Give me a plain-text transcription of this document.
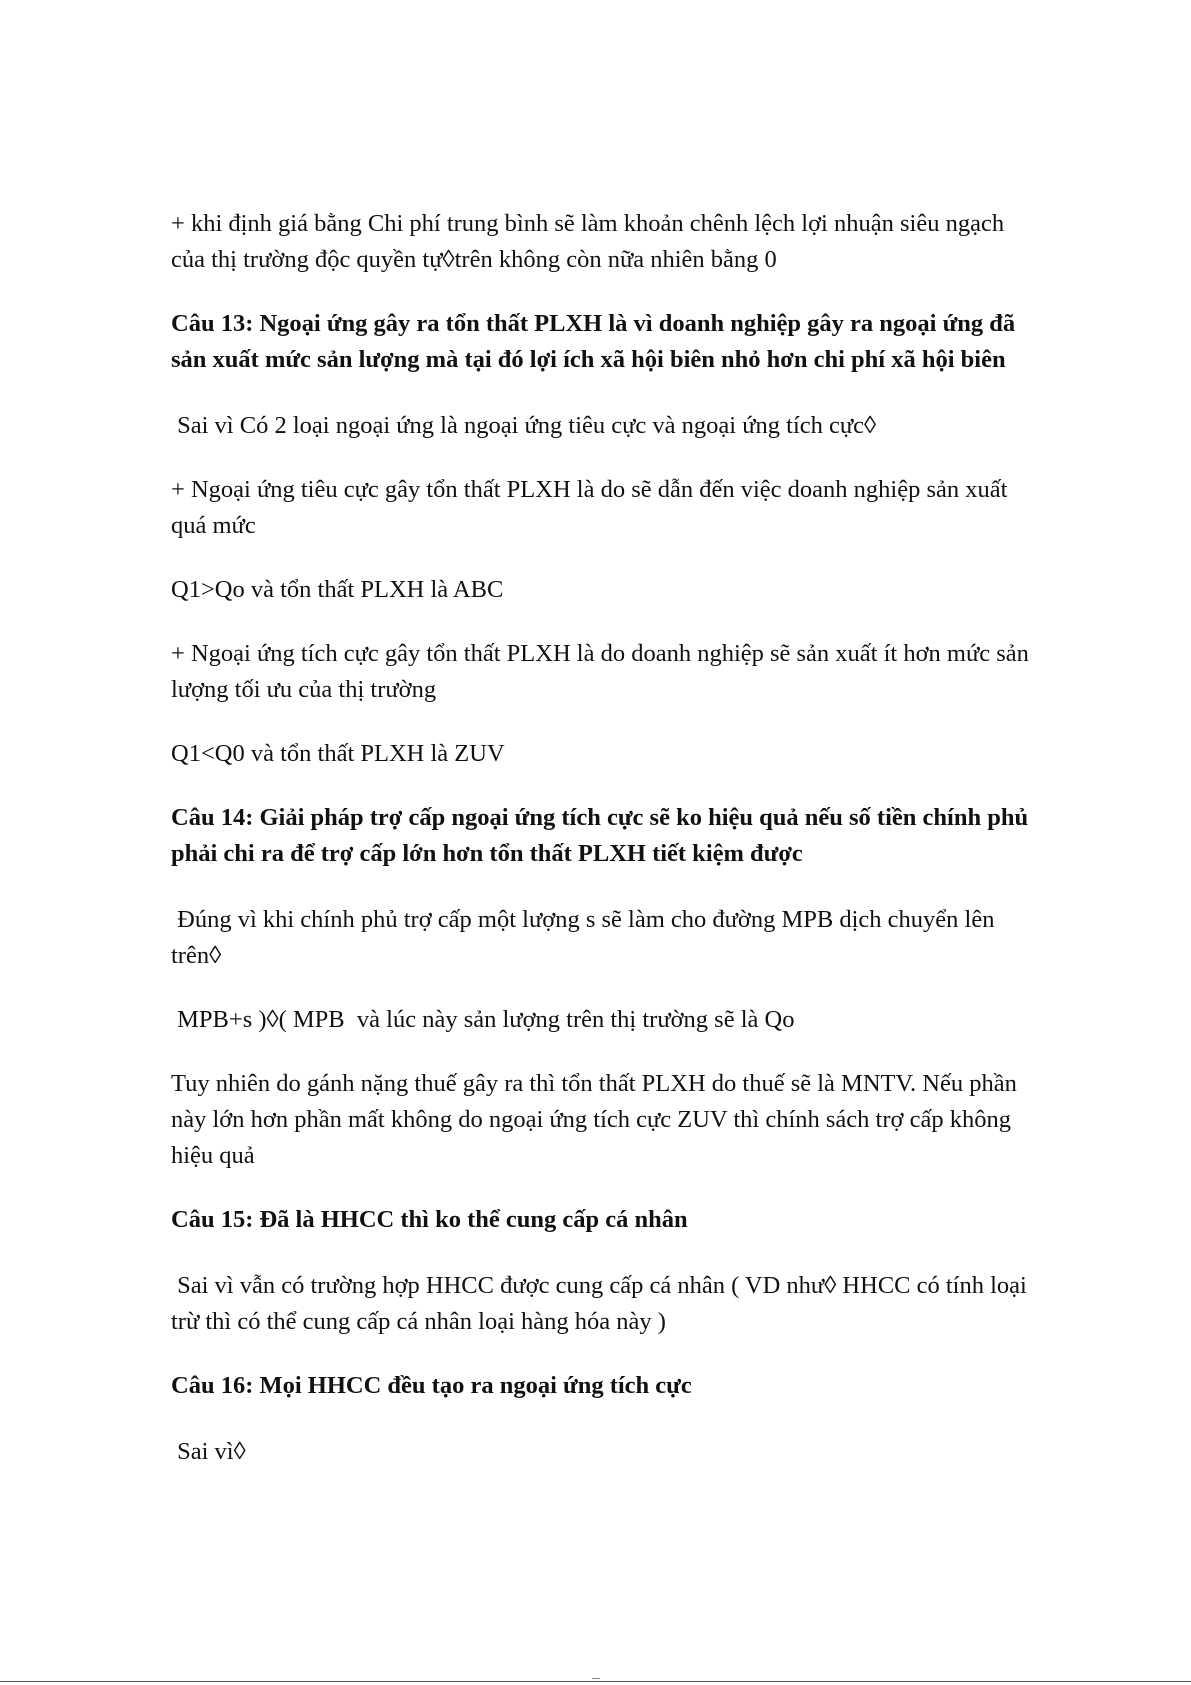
+ khi định giá bằng Chi phí trung bình sẽ làm khoản chênh lệch lợi nhuận siêu ngạch của thị trường độc quyền tự◊trên không còn nữa nhiên bằng 0

Câu 13: Ngoại ứng gây ra tổn thất PLXH là vì doanh nghiệp gây ra ngoại ứng đã sản xuất mức sản lượng mà tại đó lợi ích xã hội biên nhỏ hơn chi phí xã hội biên

Sai vì Có 2 loại ngoại ứng là ngoại ứng tiêu cực và ngoại ứng tích cực◊

+ Ngoại ứng tiêu cực gây tổn thất PLXH là do sẽ dẫn đến việc doanh nghiệp sản xuất quá mức

Q1>Qo và tổn thất PLXH là ABC

+ Ngoại ứng tích cực gây tổn thất PLXH là do doanh nghiệp sẽ sản xuất ít hơn mức sản lượng tối ưu của thị trường

Q1<Q0 và tổn thất PLXH là ZUV

Câu 14: Giải pháp trợ cấp ngoại ứng tích cực sẽ ko hiệu quả nếu số tiền chính phủ phải chi ra để trợ cấp lớn hơn tổn thất PLXH tiết kiệm được

Đúng vì khi chính phủ trợ cấp một lượng s sẽ làm cho đường MPB dịch chuyển lên trên◊

MPB+s )◊( MPB  và lúc này sản lượng trên thị trường sẽ là Qo

Tuy nhiên do gánh nặng thuế gây ra thì tổn thất PLXH do thuế sẽ là MNTV. Nếu phần này lớn hơn phần mất không do ngoại ứng tích cực ZUV thì chính sách trợ cấp không hiệu quả

Câu 15: Đã là HHCC thì ko thể cung cấp cá nhân

Sai vì vẫn có trường hợp HHCC được cung cấp cá nhân ( VD như◊ HHCC có tính loại trừ thì có thể cung cấp cá nhân loại hàng hóa này )

Câu 16: Mọi HHCC đều tạo ra ngoại ứng tích cực

Sai vì◊
